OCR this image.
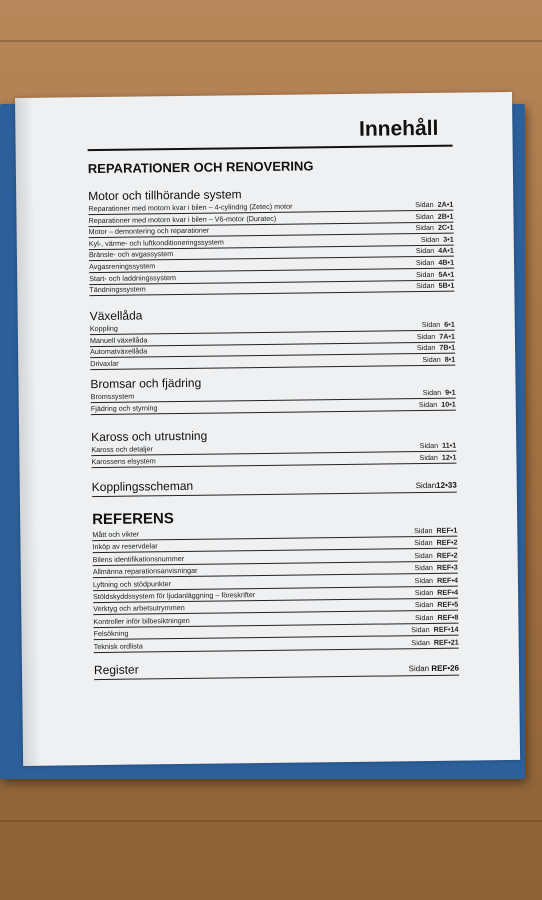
Innehåll
REPARATIONER OCH RENOVERING
Motor och tillhörande system
Reparationer med motorn kvar i bilen – 4-cylindrig (Zetec) motor	Sidan 2A•1
Reparationer med motorn kvar i bilen – V6-motor (Duratec)	Sidan 2B•1
Motor – demontering och reparationer	Sidan 2C•1
Kyl-, värme- och luftkonditioneringssystem	Sidan 3•1
Bränsle- och avgassystem	Sidan 4A•1
Avgasreningssystem	Sidan 4B•1
Start- och laddningssystem	Sidan 5A•1
Tändningssystem	Sidan 5B•1
Växellåda
Koppling	Sidan 6•1
Manuell växellåda	Sidan 7A•1
Automatväxellåda	Sidan 7B•1
Drivaxlar	Sidan 8•1
Bromsar och fjädring
Bromssystem	Sidan 9•1
Fjädring och styrning	Sidan 10•1
Kaross och utrustning
Kaross och detaljer	Sidan 11•1
Karossens elsystem	Sidan 12•1
Kopplingsscheman	Sidan12•33
REFERENS
Mått och vikter	Sidan REF•1
Inköp av reservdelar	Sidan REF•2
Bilens identifikationsnummer	Sidan REF•2
Allmänna reparationsanvisningar	Sidan REF•3
Lyftning och stödpunkter	Sidan REF•4
Stöldskyddssystem för ljudanläggning – föreskrifter	Sidan REF•4
Verktyg och arbetsutrymmen	Sidan REF•5
Kontroller inför bilbesiktningen	Sidan REF•8
Felsökning	Sidan REF•14
Teknisk ordlista	Sidan REF•21
Register	Sidan REF•26
